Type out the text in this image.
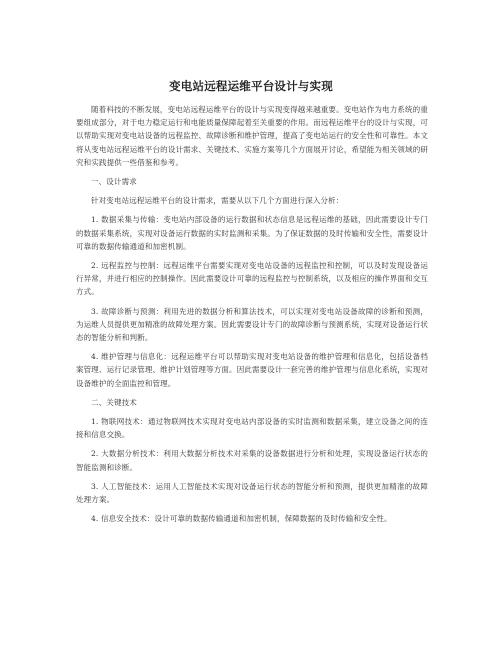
变电站远程运维平台设计与实现

随着科技的不断发展，变电站远程运维平台的设计与实现变得越来越重要。变电站作为电力系统的重要组成部分，对于电力稳定运行和电能质量保障起着至关重要的作用。而远程运维平台的设计与实现，可以帮助实现对变电站设备的远程监控、故障诊断和维护管理，提高了变电站运行的安全性和可靠性。本文将从变电站远程运维平台的设计需求、关键技术、实施方案等几个方面展开讨论，希望能为相关领域的研究和实践提供一些借鉴和参考。

一、设计需求

针对变电站远程运维平台的设计需求，需要从以下几个方面进行深入分析：

1. 数据采集与传输：变电站内部设备的运行数据和状态信息是远程运维的基础，因此需要设计专门的数据采集系统，实现对设备运行数据的实时监测和采集。为了保证数据的及时传输和安全性，需要设计可靠的数据传输通道和加密机制。

2. 远程监控与控制：远程运维平台需要实现对变电站设备的远程监控和控制，可以及时发现设备运行异常，并进行相应的控制操作。因此需要设计可靠的远程监控与控制系统，以及相应的操作界面和交互方式。

3. 故障诊断与预测：利用先进的数据分析和算法技术，可以实现对变电站设备故障的诊断和预测，为运维人员提供更加精准的故障处理方案。因此需要设计专门的故障诊断与预测系统，实现对设备运行状态的智能分析和判断。

4. 维护管理与信息化：远程运维平台可以帮助实现对变电站设备的维护管理和信息化，包括设备档案管理、运行记录管理、维护计划管理等方面。因此需要设计一套完善的维护管理与信息化系统，实现对设备维护的全面监控和管理。

二、关键技术

1. 物联网技术：通过物联网技术实现对变电站内部设备的实时监测和数据采集，建立设备之间的连接和信息交换。

2. 大数据分析技术：利用大数据分析技术对采集的设备数据进行分析和处理，实现设备运行状态的智能监测和诊断。

3. 人工智能技术：运用人工智能技术实现对设备运行状态的智能分析和预测，提供更加精准的故障处理方案。

4. 信息安全技术：设计可靠的数据传输通道和加密机制，保障数据的及时传输和安全性。
